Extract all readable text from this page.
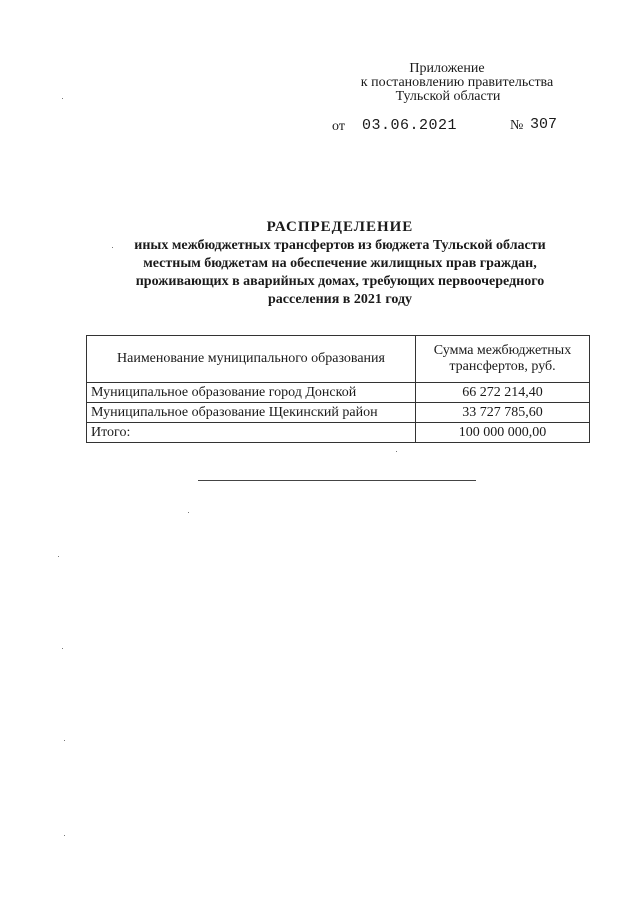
Приложение
к постановлению правительства
Тульской области
от 03.06.2021	№ 307
РАСПРЕДЕЛЕНИЕ
иных межбюджетных трансфертов из бюджета Тульской области
местным бюджетам на обеспечение жилищных прав граждан,
проживающих в аварийных домах, требующих первоочередного
расселения в 2021 году
Наименование муниципального образования	Сумма межбюджетных
трансфертов, руб.

Муниципальное образование город Донской	66 272 214,40
Муниципальное образование Щекинский район	33 727 785,60
Итого:	100 000 000,00
